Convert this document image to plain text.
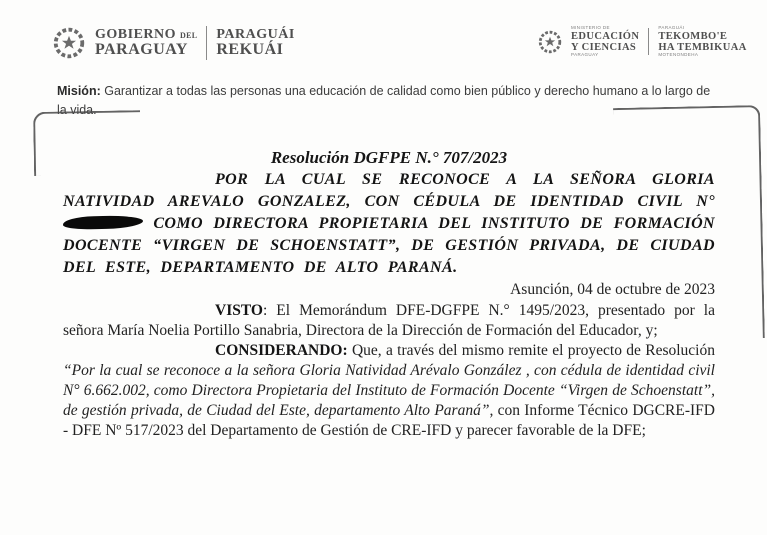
GOBIERNO DEL
PARAGUAY
PARAGUÁI
REKUÁI
MINISTERIO DE
EDUCACIÓN
Y CIENCIAS
PARAGUAY
PARAGUÁI
TEKOMBO'E
HA TEMBIKUAA
MOTENONDEHA
Misión: Garantizar a todas las personas una educación de calidad como bien público y derecho humano a lo largo de la vida.

Resolución DGFPE N.° 707/2023

POR LA CUAL SE RECONOCE A LA SEÑORA GLORIA NATIVIDAD AREVALO GONZALEZ, CON CÉDULA DE IDENTIDAD CIVIL N°  COMO DIRECTORA PROPIETARIA DEL INSTITUTO DE FORMACIÓN DOCENTE “VIRGEN DE SCHOENSTATT”, DE GESTIÓN PRIVADA, DE CIUDAD DEL ESTE, DEPARTAMENTO DE ALTO PARANÁ.

Asunción, 04 de octubre de 2023

VISTO: El Memorándum DFE-DGFPE N.° 1495/2023, presentado por la señora María Noelia Portillo Sanabria, Directora de la Dirección de Formación del Educador, y;

CONSIDERANDO: Que, a través del mismo remite el proyecto de Resolución “Por la cual se reconoce a la señora Gloria Natividad Arévalo González , con cédula de identidad civil N° 6.662.002, como Directora Propietaria del Instituto de Formación Docente “Virgen de Schoenstatt”, de gestión privada, de Ciudad del Este, departamento Alto Paraná”, con Informe Técnico DGCRE-IFD - DFE Nº 517/2023 del Departamento de Gestión de CRE-IFD y parecer favorable de la DFE;
